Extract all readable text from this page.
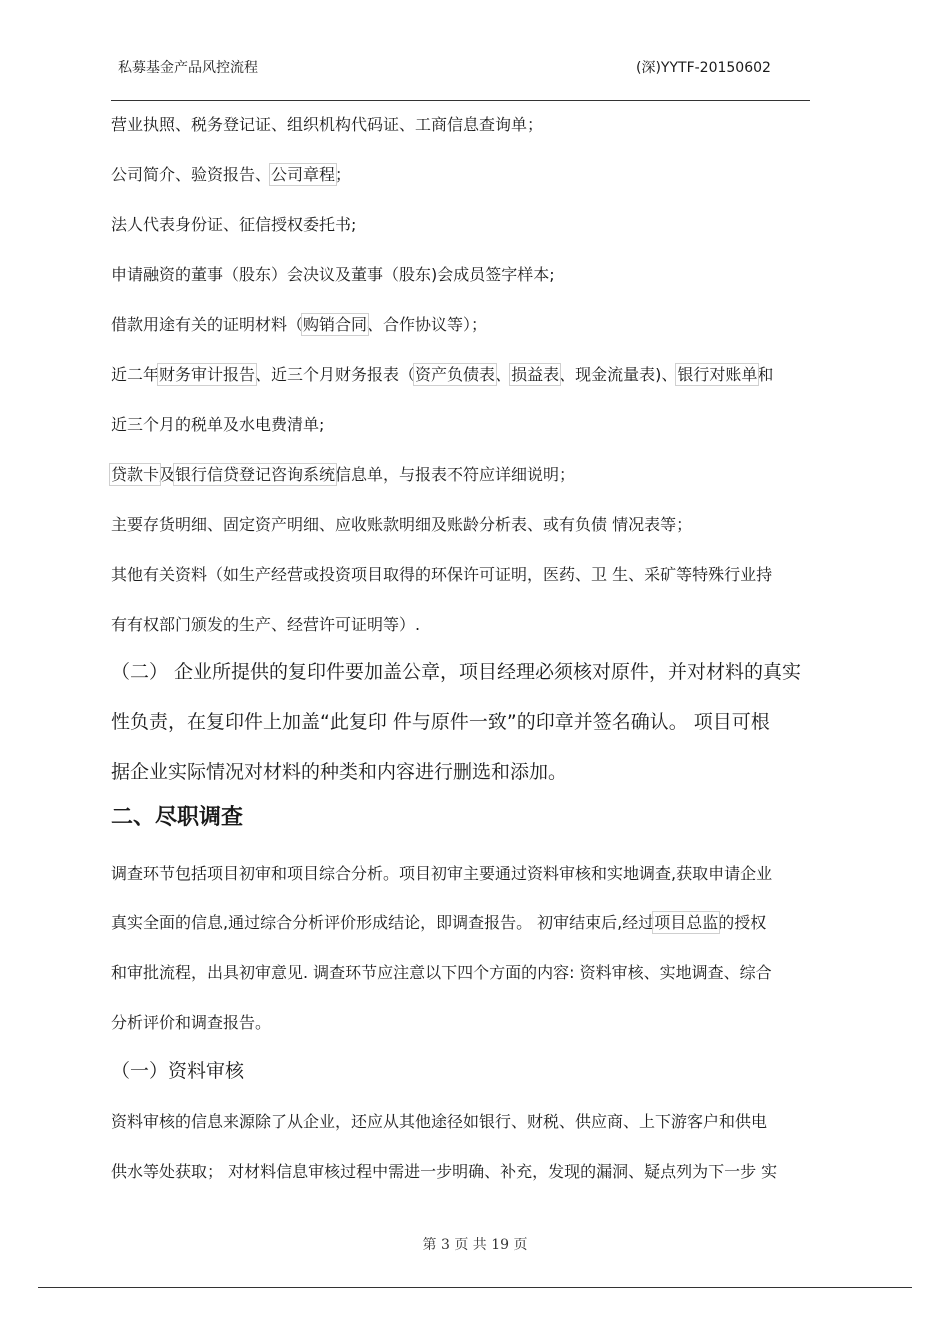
私募基金产品风控流程	(深)YYTF-20150602

营业执照、税务登记证、组织机构代码证、工商信息查询单；

公司简介、验资报告、公司章程；

法人代表身份证、征信授权委托书;

申请融资的董事（股东）会决议及董事（股东)会成员签字样本;

借款用途有关的证明材料（购销合同、合作协议等）；

近二年财务审计报告、近三个月财务报表（资产负债表、损益表、现金流量表)、银行对账单和

近三个月的税单及水电费清单;

贷款卡及银行信贷登记咨询系统信息单，与报表不符应详细说明；

主要存货明细、固定资产明细、应收账款明细及账龄分析表、或有负债 情况表等；

其他有关资料（如生产经营或投资项目取得的环保许可证明，医药、卫 生、采矿等特殊行业持

有有权部门颁发的生产、经营许可证明等）.

（二） 企业所提供的复印件要加盖公章，项目经理必须核对原件，并对材料的真实

性负责，在复印件上加盖“此复印 件与原件一致”的印章并签名确认。 项目可根

据企业实际情况对材料的种类和内容进行删选和添加。

二、尽职调查

调查环节包括项目初审和项目综合分析。项目初审主要通过资料审核和实地调查,获取申请企业

真实全面的信息,通过综合分析评价形成结论，即调查报告。 初审结束后,经过项目总监的授权

和审批流程，出具初审意见. 调查环节应注意以下四个方面的内容: 资料审核、实地调查、综合

分析评价和调查报告。

（一）资料审核

资料审核的信息来源除了从企业，还应从其他途径如银行、财税、供应商、上下游客户和供电

供水等处获取； 对材料信息审核过程中需进一步明确、补充，发现的漏洞、疑点列为下一步 实

第 3 页 共 19 页
